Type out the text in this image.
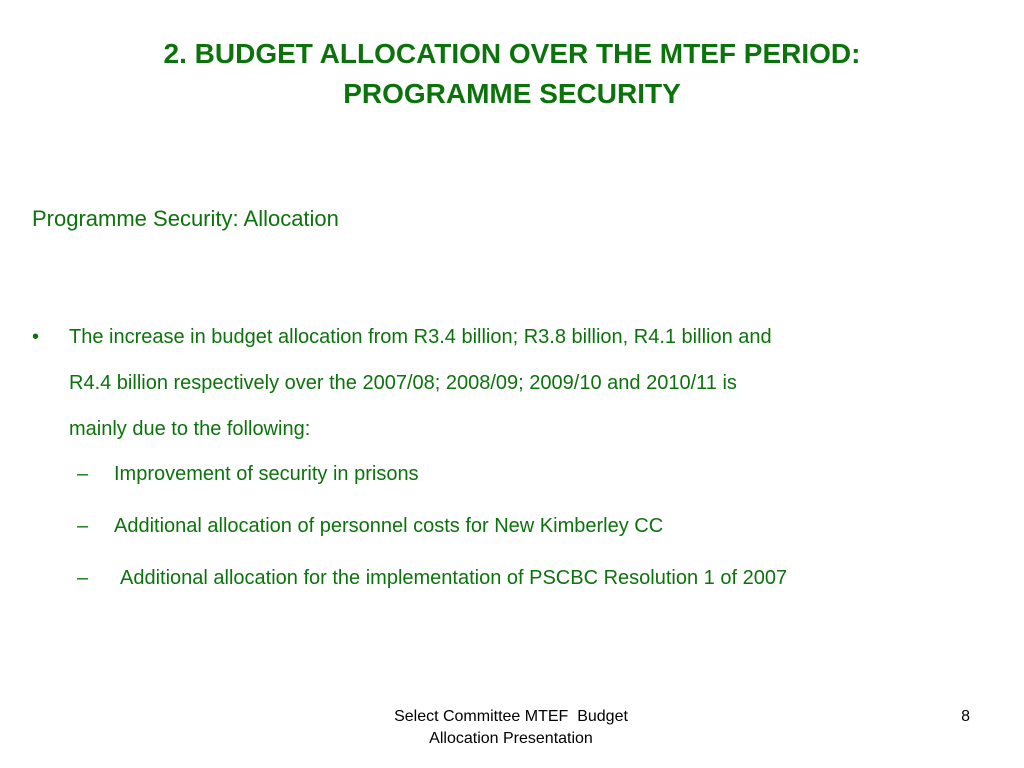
2. BUDGET ALLOCATION OVER THE MTEF PERIOD:
PROGRAMME SECURITY
Programme Security: Allocation
• The increase in budget allocation from R3.4 billion; R3.8 billion, R4.1 billion and
R4.4 billion respectively over the 2007/08; 2008/09; 2009/10 and 2010/11 is
mainly due to the following:
– Improvement of security in prisons
– Additional allocation of personnel costs for New Kimberley CC
– Additional allocation for the implementation of PSCBC Resolution 1 of 2007
Select Committee MTEF  Budget
Allocation Presentation
8
